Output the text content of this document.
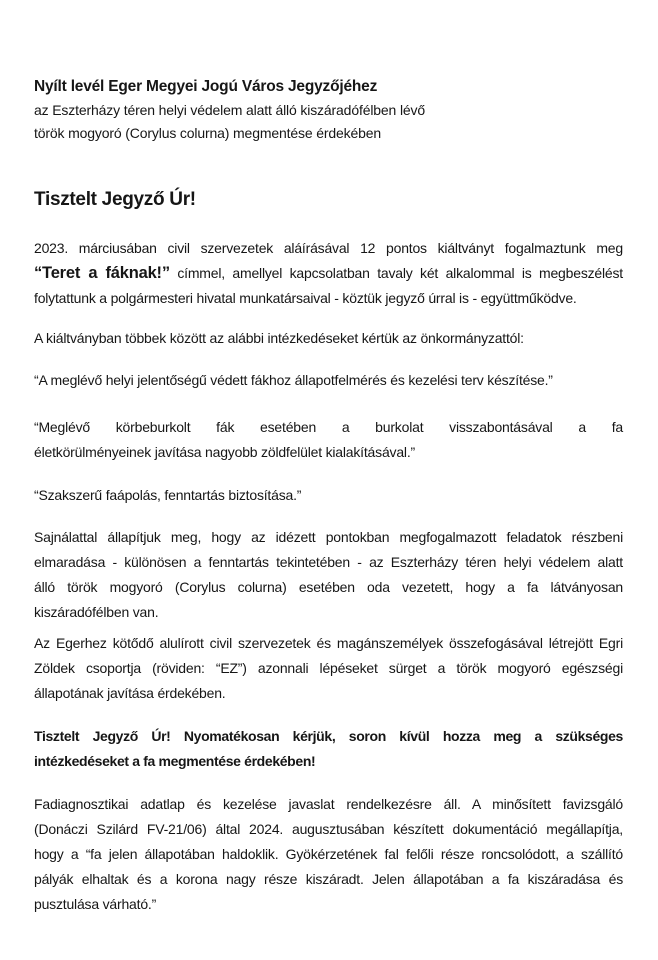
Nyílt levél Eger Megyei Jogú Város Jegyzőjéhez
az Eszterházy téren helyi védelem alatt álló kiszáradófélben lévő
török mogyoró (Corylus colurna) megmentése érdekében
Tisztelt Jegyző Úr!
2023. márciusában civil szervezetek aláírásával 12 pontos kiáltványt fogalmaztunk meg
“Teret a fáknak!” címmel, amellyel kapcsolatban tavaly két alkalommal is megbeszélést
folytattunk a polgármesteri hivatal munkatársaival - köztük jegyző úrral is - együttműködve.
A kiáltványban többek között az alábbi intézkedéseket kértük az önkormányzattól:
“A meglévő helyi jelentőségű védett fákhoz állapotfelmérés és kezelési terv készítése.”
“Meglévő körbeburkolt fák esetében a burkolat visszabontásával a fa
életkörülményeinek javítása nagyobb zöldfelület kialakításával.”
“Szakszerű faápolás, fenntartás biztosítása.”
Sajnálattal állapítjuk meg, hogy az idézett pontokban megfogalmazott feladatok részbeni
elmaradása - különösen a fenntartás tekintetében - az Eszterházy téren helyi védelem alatt
álló török mogyoró (Corylus colurna) esetében oda vezetett, hogy a fa látványosan
kiszáradófélben van.
Az Egerhez kötődő alulírott civil szervezetek és magánszemélyek összefogásával létrejött Egri
Zöldek csoportja (röviden: “EZ”) azonnali lépéseket sürget a török mogyoró egészségi
állapotának javítása érdekében.
Tisztelt Jegyző Úr! Nyomatékosan kérjük, soron kívül hozza meg a szükséges
intézkedéseket a fa megmentése érdekében!
Fadiagnosztikai adatlap és kezelése javaslat rendelkezésre áll. A minősített favizsgáló
(Donáczi Szilárd FV-21/06) által 2024. augusztusában készített dokumentáció megállapítja,
hogy a “fa jelen állapotában haldoklik. Gyökérzetének fal felőli része roncsolódott, a szállító
pályák elhaltak és a korona nagy része kiszáradt. Jelen állapotában a fa kiszáradása és
pusztulása várható.”
